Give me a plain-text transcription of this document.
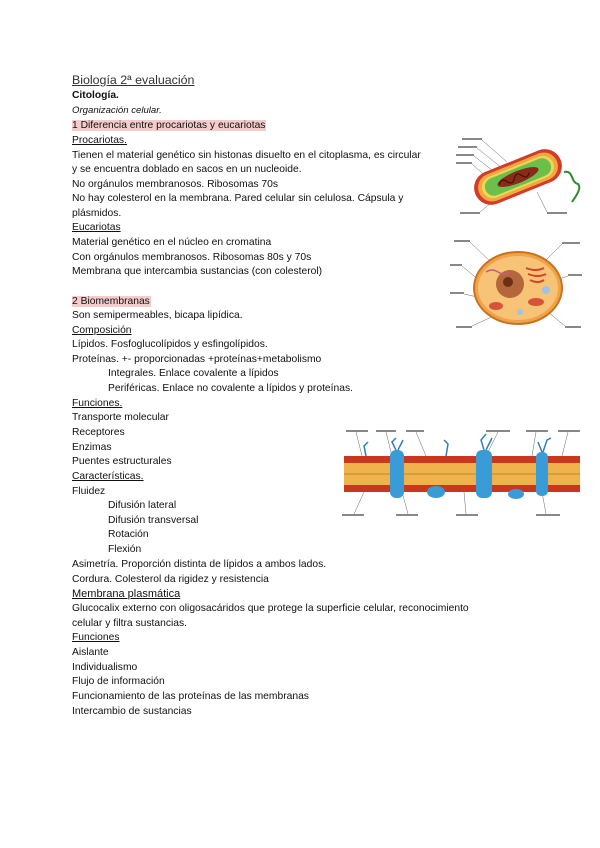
Biología 2ª evaluación
Citología.
Organización celular.
1 Diferencia entre procariotas y eucariotas
Procariotas.
Tienen el material genético sin histonas disuelto en el citoplasma, es circular
y se encuentra doblado en sacos en un nucleoide.
No orgánulos membranosos. Ribosomas 70s
No hay colesterol en la membrana. Pared celular sin celulosa. Cápsula y
plásmidos.
Eucariotas
Material genético en el núcleo en cromatina
Con orgánulos membranosos. Ribosomas 80s y 70s
Membrana que intercambia sustancias (con colesterol)
2 Biomembranas
Son semipermeables, bicapa lipídica.
Composición
Lípidos. Fosfoglucolípidos y esfingolípidos.
Proteínas. +- proporcionadas +proteínas+metabolismo
Integrales. Enlace covalente a lípidos
Periféricas. Enlace no covalente a lípidos y proteínas.
Funciones.
Transporte molecular
Receptores
Enzimas
Puentes estructurales
Características.
Fluidez
Difusión lateral
Difusión transversal
Rotación
Flexión
Asimetría. Proporción distinta de lípidos a ambos lados.
Cordura. Colesterol da rigidez y resistencia
Membrana plasmática
Glucocalix externo con oligosacáridos que protege la superficie celular, reconocimiento
celular y filtra sustancias.
Funciones
Aislante
Individualismo
Flujo de información
Funcionamiento de las proteínas de las membranas
Intercambio de sustancias
